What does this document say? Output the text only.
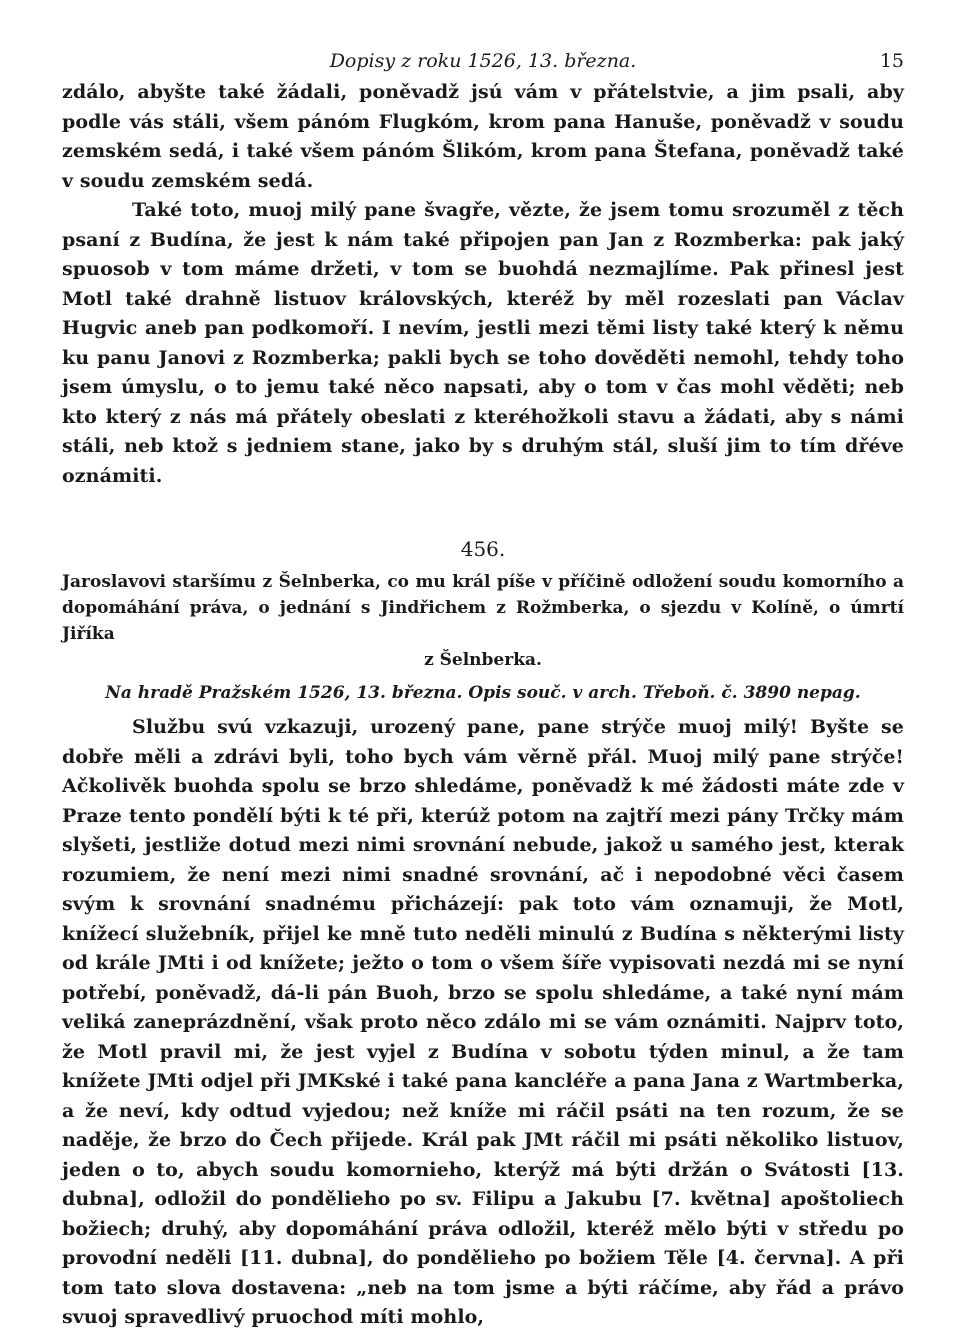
Dopisy z roku 1526, 13. března.	15

zdálo, abyšte také žádali, poněvadž jsú vám v přátelstvie, a jim psali, aby podle vás stáli, všem pánóm Flugkóm, krom pana Hanuše, poněvadž v soudu zemském sedá, i také všem pánóm Šlikóm, krom pana Štefana, poněvadž také v soudu zemském sedá.

Také toto, muoj milý pane švagře, vězte, že jsem tomu srozuměl z těch psaní z Budína, že jest k nám také připojen pan Jan z Rozmberka: pak jaký spuosob v tom máme držeti, v tom se buohdá nezmajlíme. Pak přinesl jest Motl také drahně listuov královských, kteréž by měl rozeslati pan Václav Hugvic aneb pan podkomoří. I nevím, jestli mezi těmi listy také který k němu ku panu Janovi z Rozmberka; pakli bych se toho dověděti nemohl, tehdy toho jsem úmyslu, o to jemu také něco napsati, aby o tom v čas mohl věděti; neb kto který z nás má přátely obeslati z kteréhožkoli stavu a žádati, aby s námi stáli, neb ktož s jedniem stane, jako by s druhým stál, sluší jim to tím dřéve oznámiti.

456.

Jaroslavovi staršímu z Šelnberka, co mu král píše v příčině odložení soudu komorního a dopomáhání práva, o jednání s Jindřichem z Rožmberka, o sjezdu v Kolíně, o úmrtí Jiříka

z Šelnberka.

Na hradě Pražském 1526, 13. března. Opis souč. v arch. Třeboň. č. 3890 nepag.

Službu svú vzkazuji, urozený pane, pane strýče muoj milý! Byšte se dobře měli a zdrávi byli, toho bych vám věrně přál. Muoj milý pane strýče! Ačkolivěk buohda spolu se brzo shledáme, poněvadž k mé žádosti máte zde v Praze tento pondělí býti k té při, kterúž potom na zajtří mezi pány Trčky mám slyšeti, jestliže dotud mezi nimi srovnání nebude, jakož u samého jest, kterak rozumiem, že není mezi nimi snadné srovnání, ač i nepodobné věci časem svým k srovnání snadnému přicházejí: pak toto vám oznamuji, že Motl, knížecí služebník, přijel ke mně tuto neděli minulú z Budína s některými listy od krále JMti i od knížete; ježto o tom o všem šíře vypisovati nezdá mi se nyní potřebí, poněvadž, dá-li pán Buoh, brzo se spolu shledáme, a také nyní mám veliká zaneprázdnění, však proto něco zdálo mi se vám oznámiti. Najprv toto, že Motl pravil mi, že jest vyjel z Budína v sobotu týden minul, a že tam knížete JMti odjel při JMKské i také pana kancléře a pana Jana z Wartmberka, a že neví, kdy odtud vyjedou; než kníže mi ráčil psáti na ten rozum, že se naděje, že brzo do Čech přijede. Král pak JMt ráčil mi psáti několiko listuov, jeden o to, abych soudu komornieho, kterýž má býti držán o Svátosti [13. dubna], odložil do pondělieho po sv. Filipu a Jakubu [7. května] apoštoliech božiech; druhý, aby dopomáhání práva odložil, kteréž mělo býti v středu po provodní neděli [11. dubna], do pondělieho po božiem Těle [4. června]. A při tom tato slova dostavena: „neb na tom jsme a býti ráčíme, aby řád a právo svuoj spravedlivý pruochod míti mohlo,
